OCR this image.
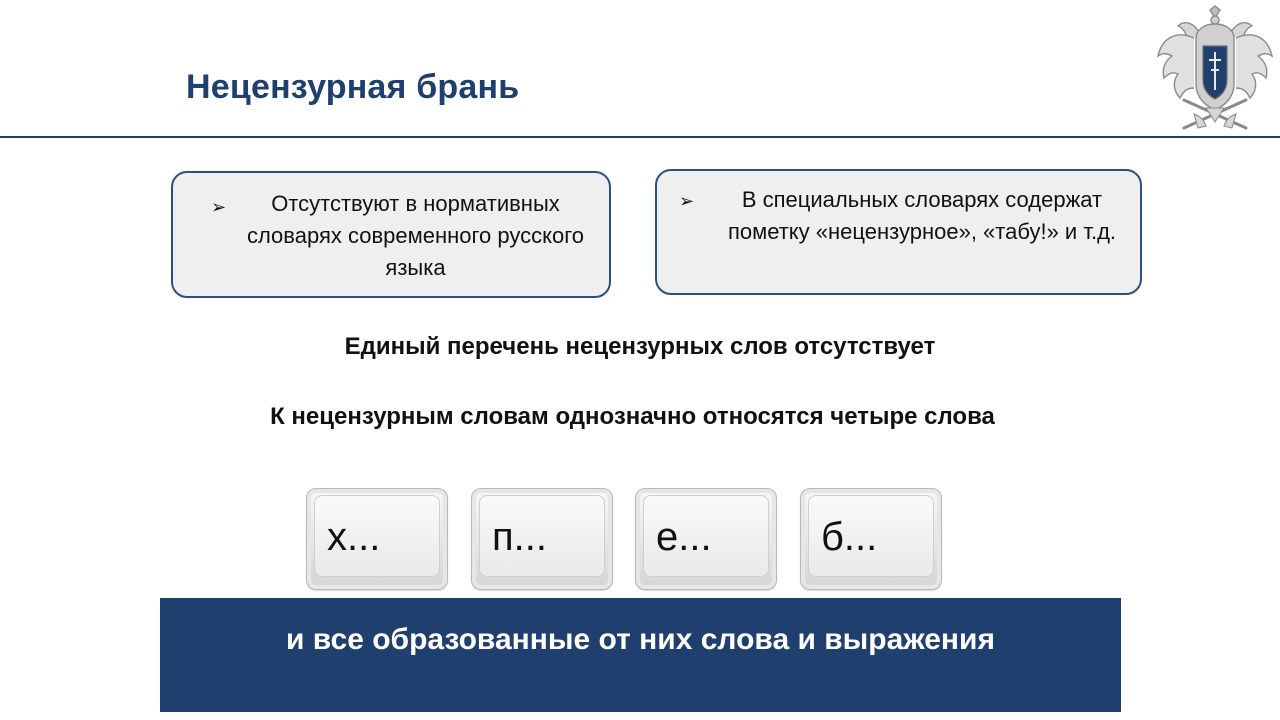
Нецензурная брань
➢	Отсутствуют в нормативных словарях современного русского языка
➢	В специальных словарях содержат пометку «нецензурное», «табу!» и т.д.
Единый перечень нецензурных слов отсутствует
К нецензурным словам однозначно относятся четыре слова
х...	п...	е...	б...
и все образованные от них слова и выражения
